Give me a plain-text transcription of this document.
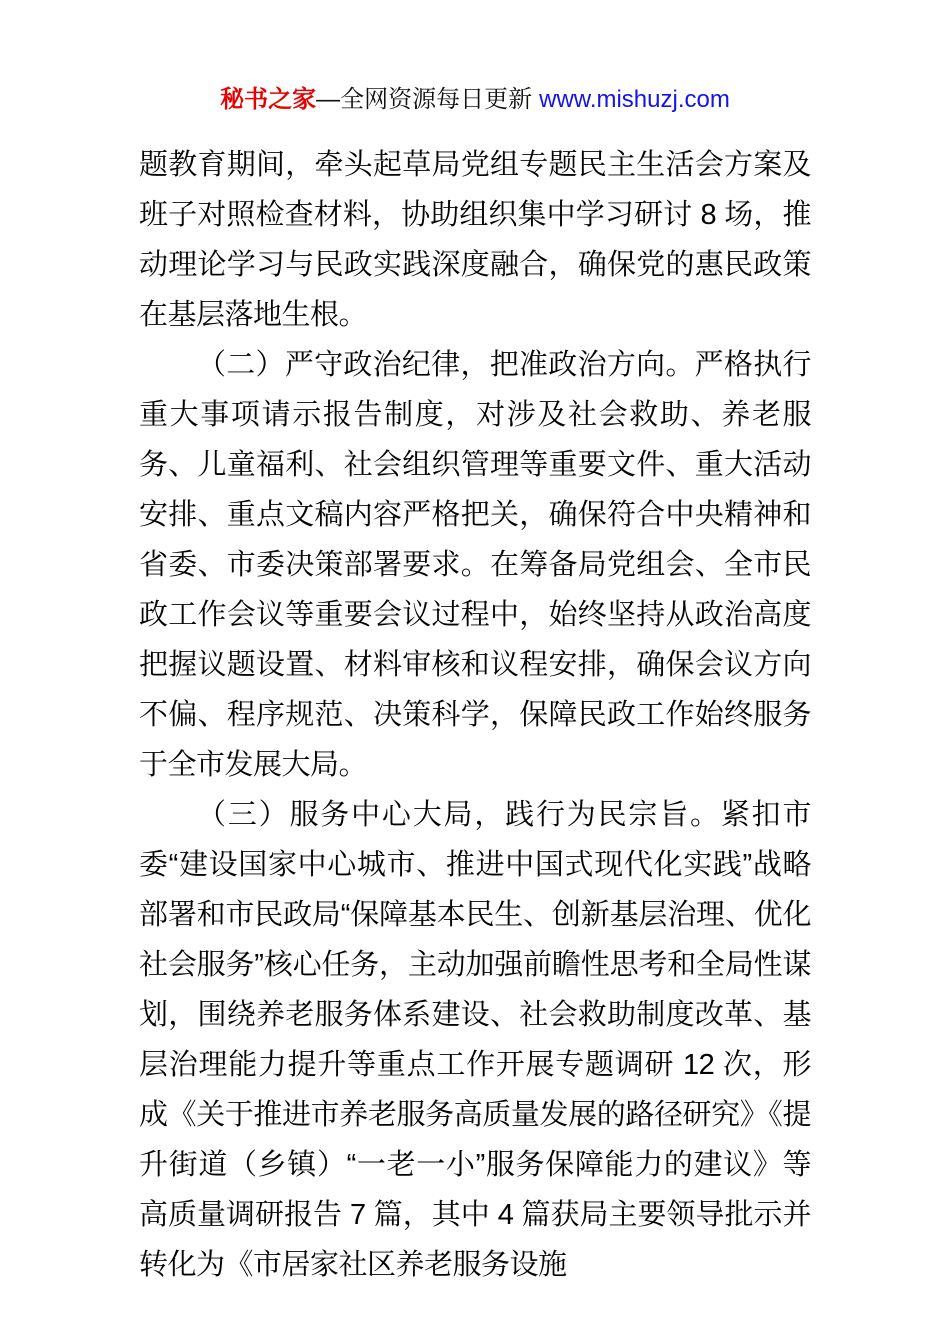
秘书之家—全网资源每日更新 www.mishuzj.com

题教育期间，牵头起草局党组专题民主生活会方案及班子对照检查材料，协助组织集中学习研讨 8 场，推动理论学习与民政实践深度融合，确保党的惠民政策在基层落地生根。

（二）严守政治纪律，把准政治方向。严格执行重大事项请示报告制度，对涉及社会救助、养老服务、儿童福利、社会组织管理等重要文件、重大活动安排、重点文稿内容严格把关，确保符合中央精神和省委、市委决策部署要求。在筹备局党组会、全市民政工作会议等重要会议过程中，始终坚持从政治高度把握议题设置、材料审核和议程安排，确保会议方向不偏、程序规范、决策科学，保障民政工作始终服务于全市发展大局。

（三）服务中心大局，践行为民宗旨。紧扣市委“建设国家中心城市、推进中国式现代化实践”战略部署和市民政局“保障基本民生、创新基层治理、优化社会服务”核心任务，主动加强前瞻性思考和全局性谋划，围绕养老服务体系建设、社会救助制度改革、基层治理能力提升等重点工作开展专题调研 12 次，形成《关于推进市养老服务高质量发展的路径研究》《提升街道（乡镇）“一老一小”服务保障能力的建议》等高质量调研报告 7 篇，其中 4 篇获局主要领导批示并转化为《市居家社区养老服务设施
